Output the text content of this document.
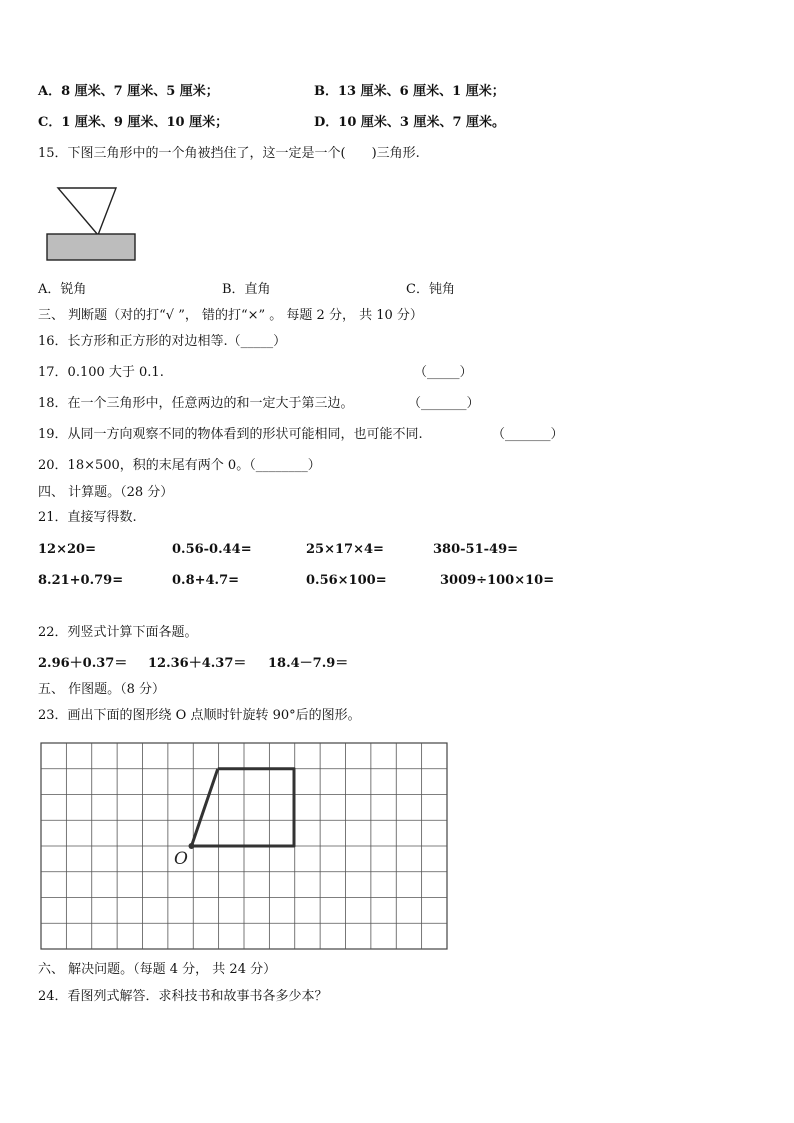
A．8 厘米、7 厘米、5 厘米；	B．13 厘米、6 厘米、1 厘米；
C．1 厘米、9 厘米、10 厘米；	D．10 厘米、3 厘米、7 厘米。
15．下图三角形中的一个角被挡住了，这一定是一个(　　)三角形.
A．锐角	B．直角	C．钝角
三、 判断题（对的打“√ ”， 错的打“×” 。 每题 2 分， 共 10 分）
16．长方形和正方形的对边相等.（_____）
17．0.100 大于 0.1.	（_____）
18．在一个三角形中，任意两边的和一定大于第三边。	（_______）
19．从同一方向观察不同的物体看到的形状可能相同，也可能不同.	（_______）
20．18×500，积的末尾有两个 0。（________）
四、 计算题。（28 分）
21．直接写得数.
12×20=	0.56-0.44=	25×17×4=	380-51-49=
8.21+0.79=	0.8+4.7=	0.56×100=	3009÷100×10=
22．列竖式计算下面各题。
2.96＋0.37＝ 12.36＋4.37＝ 18.4－7.9＝
五、 作图题。（8 分）
23．画出下面的图形绕 O 点顺时针旋转 90°后的图形。
O
六、 解决问题。（每题 4 分， 共 24 分）
24．看图列式解答．求科技书和故事书各多少本？
